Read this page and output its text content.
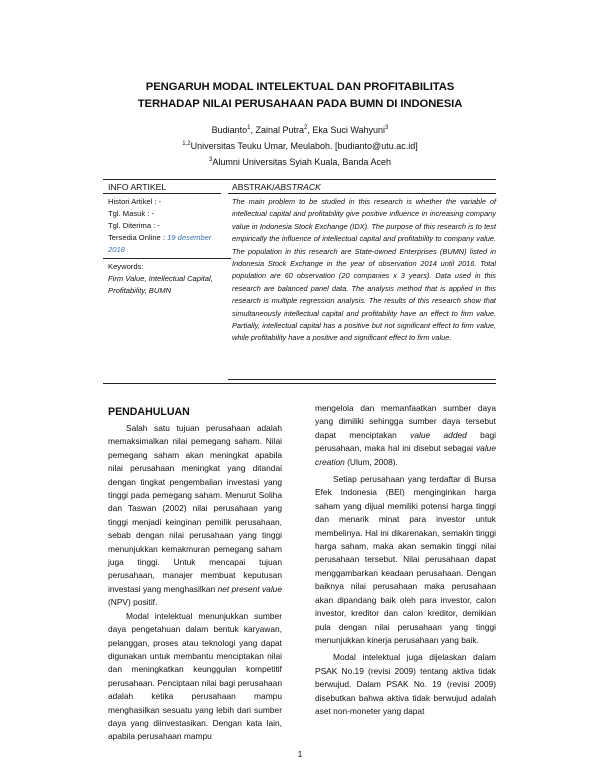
PENGARUH MODAL INTELEKTUAL DAN PROFITABILITAS
TERHADAP NILAI PERUSAHAAN PADA BUMN DI INDONESIA
Budianto$^1$, Zainal Putra$^2$, Eka Suci Wahyuni$^3$
$^{1,2}$Universitas Teuku Umar, Meulaboh. [budianto@utu.ac.id]
$^3$Alumni Universitas Syiah Kuala, Banda Aceh
INFO ARTIKEL	ABSTRAK/ABSTRACK

Histori Artikel : -

Tgl. Masuk : -

Tgl. Diterima : -

Tersedia Online : 19 desember 2018

Keywords:

Firm Value, Intellectual Capital, Profitability, BUMN

The main problem to be studied in this research is whether the variable of intellectual capital and profitability give positive influence in increasing company value in Indonesia Stock Exchange (IDX). The purpose of this research is to test empirically the influence of intellectual capital and profitability to company value. The population in this research are State-owned Enterprises (BUMN) listed in Indonesia Stock Exchange in the year of observation 2014 until 2016. Total population are 60 observation (20 companies x 3 years). Data used in this research are balanced panel data. The analysis method that is applied in this research is multiple regression analysis. The results of this research show that simultaneously intellectual capital and profitability have an effect to firm value. Partially, intellectual capital has a positive but not significant effect to firm value, while profitability have a positive and significant effect to firm value.
PENDAHULUAN

Salah satu tujuan perusahaan adalah memaksimalkan nilai pemegang saham. Nilai pemegang saham akan meningkat apabila nilai perusahaan meningkat yang ditandai dengan tingkat pengembalian investasi yang tinggi pada pemegang saham. Menurut Soliha dan Taswan (2002) nilai perusahaan yang tinggi menjadi keinginan pemilik perusahaan, sebab dengan nilai perusahaan yang tinggi menunjukkan kemakmuran pemegang saham juga tinggi. Untuk mencapai tujuan perusahaan, manajer membuat keputusan investasi yang menghasilkan net present value (NPV) positif.

Modal intelektual menunjukkan sumber daya pengetahuan dalam bentuk karyawan, pelanggan, proses atau teknologi yang dapat digunakan untuk membantu menciptakan nilai dan meningkatkan keunggulan kompetitif perusahaan. Penciptaan nilai bagi perusahaan adalah ketika perusahaan mampu menghasilkan sesuatu yang lebih dari sumber daya yang diinvestasikan. Dengan kata lain, apabila perusahaan mampu

mengelola dan memanfaatkan sumber daya yang dimiliki sehingga sumber daya tersebut dapat menciptakan value added bagi perusahaan, maka hal ini disebut sebagai value creation (Ulum, 2008).

Setiap perusahaan yang terdaftar di Bursa Efek Indonesia (BEI) menginginkan harga saham yang dijual memiliki potensi harga tinggi dan menarik minat para investor untuk membelinya. Hal ini dikarenakan, semakin tinggi harga saham, maka akan semakin tinggi nilai perusahaan tersebut. Nilai perusahaan dapat menggambarkan keadaan perusahaan. Dengan baiknya nilai perusahaan maka perusahaan akan dipandang baik oleh para investor, calon investor, kreditor dan calon kreditor, demikian pula dengan nilai perusahaan yang tinggi menunjukkan kinerja perusahaan yang baik.

Modal intelektual juga dijelaskan dalam PSAK No.19 (revisi 2009) tentang aktiva tidak berwujud. Dalam PSAK No. 19 (revisi 2009) disebutkan bahwa aktiva tidak berwujud adalah aset non-moneter yang dapat

1
